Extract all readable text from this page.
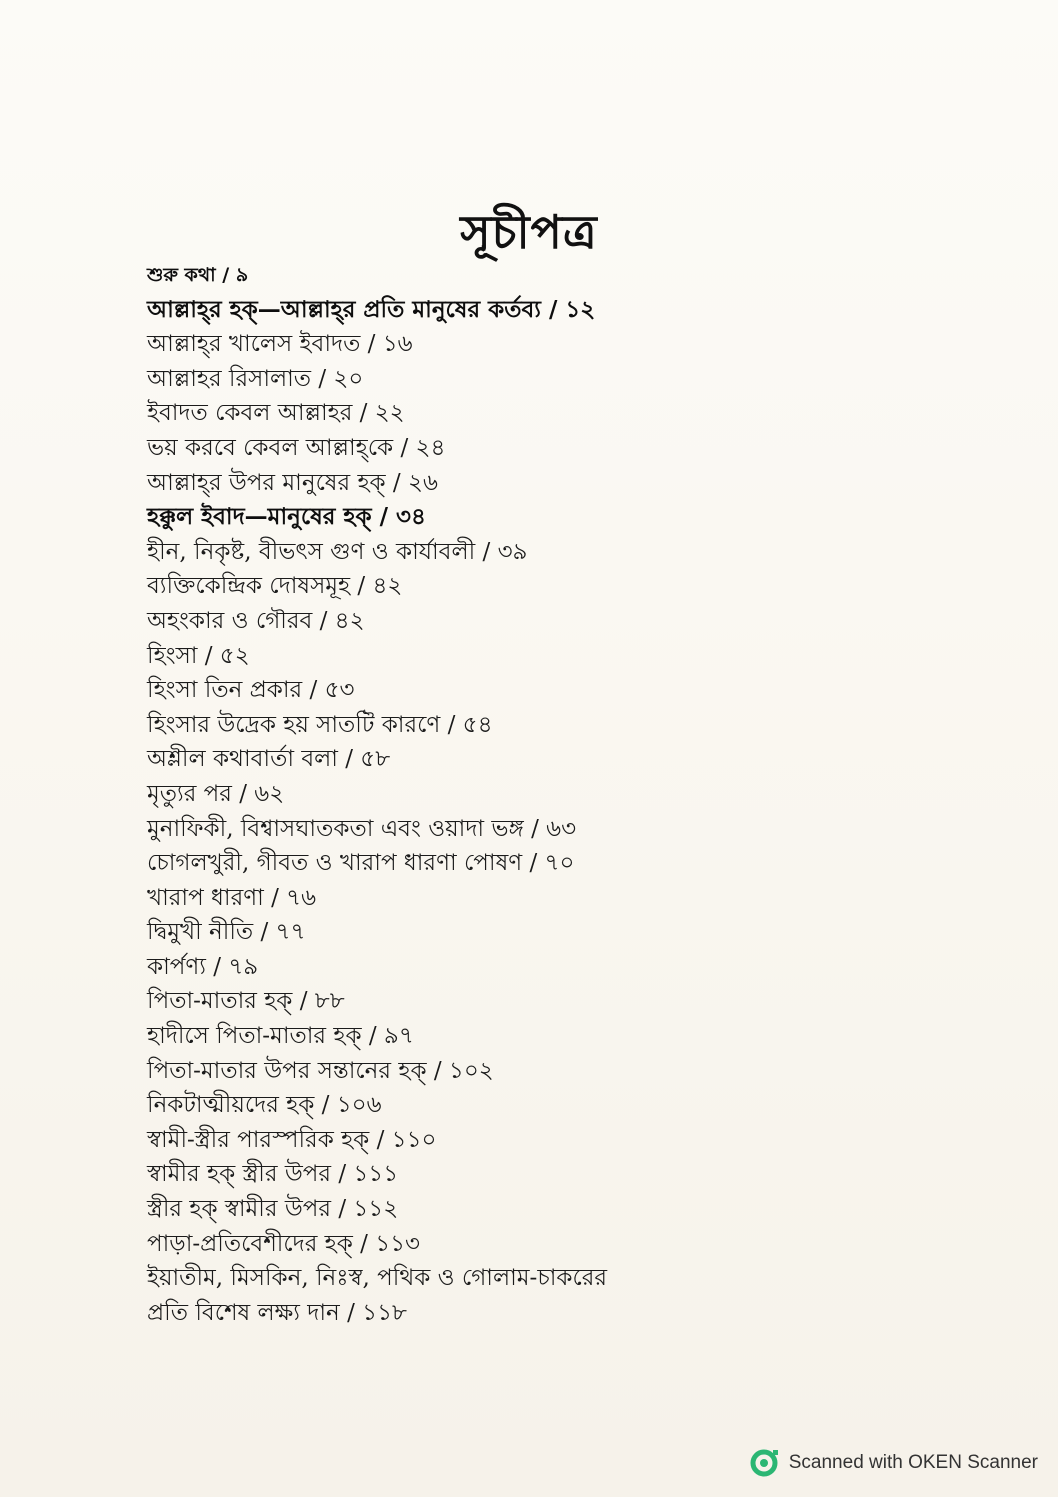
সূচীপত্র
শুরু কথা / ৯
আল্লাহ্‌র হক্‌—আল্লাহ্‌র প্রতি মানুষের কর্তব্য / ১২
আল্লাহ্‌র খালেস ইবাদত / ১৬
আল্লাহর রিসালাত / ২০
ইবাদত কেবল আল্লাহর / ২২
ভয় করবে কেবল আল্লাহ্‌কে / ২৪
আল্লাহ্‌র উপর মানুষের হক্‌ / ২৬
হক্কুল ইবাদ—মানুষের হক্‌ / ৩৪
হীন, নিকৃষ্ট, বীভৎস গুণ ও কার্যাবলী / ৩৯
ব্যক্তিকেন্দ্রিক দোষসমূহ / ৪২
অহংকার ও গৌরব / ৪২
হিংসা / ৫২
হিংসা তিন প্রকার / ৫৩
হিংসার উদ্রেক হয় সাতটি কারণে / ৫৪
অশ্লীল কথাবার্তা বলা / ৫৮
মৃত্যুর পর / ৬২
মুনাফিকী, বিশ্বাসঘাতকতা এবং ওয়াদা ভঙ্গ / ৬৩
চোগলখুরী, গীবত ও খারাপ ধারণা পোষণ / ৭০
খারাপ ধারণা / ৭৬
দ্বিমুখী নীতি / ৭৭
কার্পণ্য / ৭৯
পিতা-মাতার হক্‌ / ৮৮
হাদীসে পিতা-মাতার হক্‌ / ৯৭
পিতা-মাতার উপর সন্তানের হক্‌ / ১০২
নিকটাত্মীয়দের হক্‌ / ১০৬
স্বামী-স্ত্রীর পারস্পরিক হক্‌ / ১১০
স্বামীর হক্‌ স্ত্রীর উপর / ১১১
স্ত্রীর হক্‌ স্বামীর উপর / ১১২
পাড়া-প্রতিবেশীদের হক্‌ / ১১৩
ইয়াতীম, মিসকিন, নিঃস্ব, পথিক ও গোলাম-চাকরের
প্রতি বিশেষ লক্ষ্য দান / ১১৮
Scanned with OKEN Scanner
